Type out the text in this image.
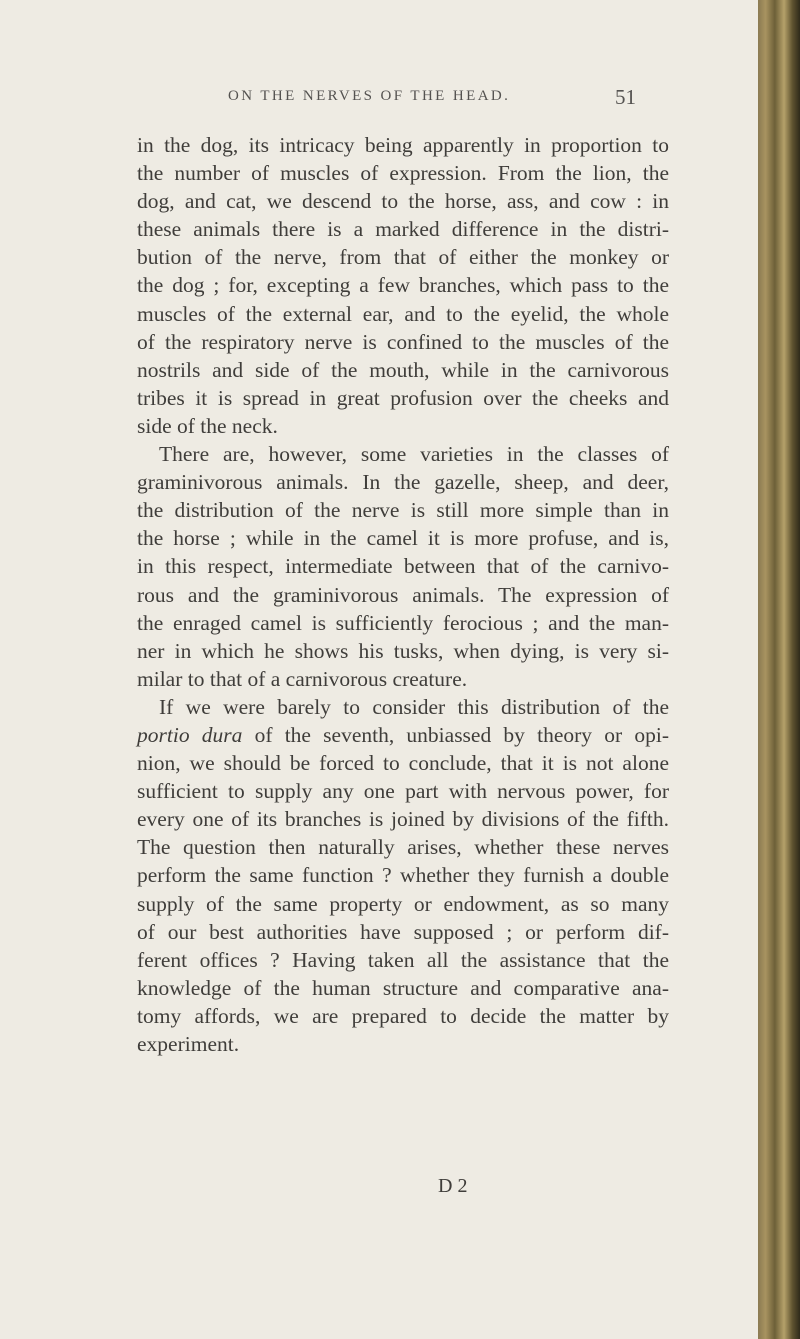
ON THE NERVES OF THE HEAD.	51

in the dog, its intricacy being apparently in proportion to
the number of muscles of expression. From the lion, the
dog, and cat, we descend to the horse, ass, and cow : in
these animals there is a marked difference in the distri-
bution of the nerve, from that of either the monkey or
the dog ; for, excepting a few branches, which pass to the
muscles of the external ear, and to the eyelid, the whole
of the respiratory nerve is confined to the muscles of the
nostrils and side of the mouth, while in the carnivorous
tribes it is spread in great profusion over the cheeks and
side of the neck.

There are, however, some varieties in the classes of
graminivorous animals. In the gazelle, sheep, and deer,
the distribution of the nerve is still more simple than in
the horse ; while in the camel it is more profuse, and is,
in this respect, intermediate between that of the carnivo-
rous and the graminivorous animals. The expression of
the enraged camel is sufficiently ferocious ; and the man-
ner in which he shows his tusks, when dying, is very si-
milar to that of a carnivorous creature.

If we were barely to consider this distribution of the
portio dura of the seventh, unbiassed by theory or opi-
nion, we should be forced to conclude, that it is not alone
sufficient to supply any one part with nervous power, for
every one of its branches is joined by divisions of the fifth.
The question then naturally arises, whether these nerves
perform the same function ? whether they furnish a double
supply of the same property or endowment, as so many
of our best authorities have supposed ; or perform dif-
ferent offices ? Having taken all the assistance that the
knowledge of the human structure and comparative ana-
tomy affords, we are prepared to decide the matter by
experiment.

D 2
